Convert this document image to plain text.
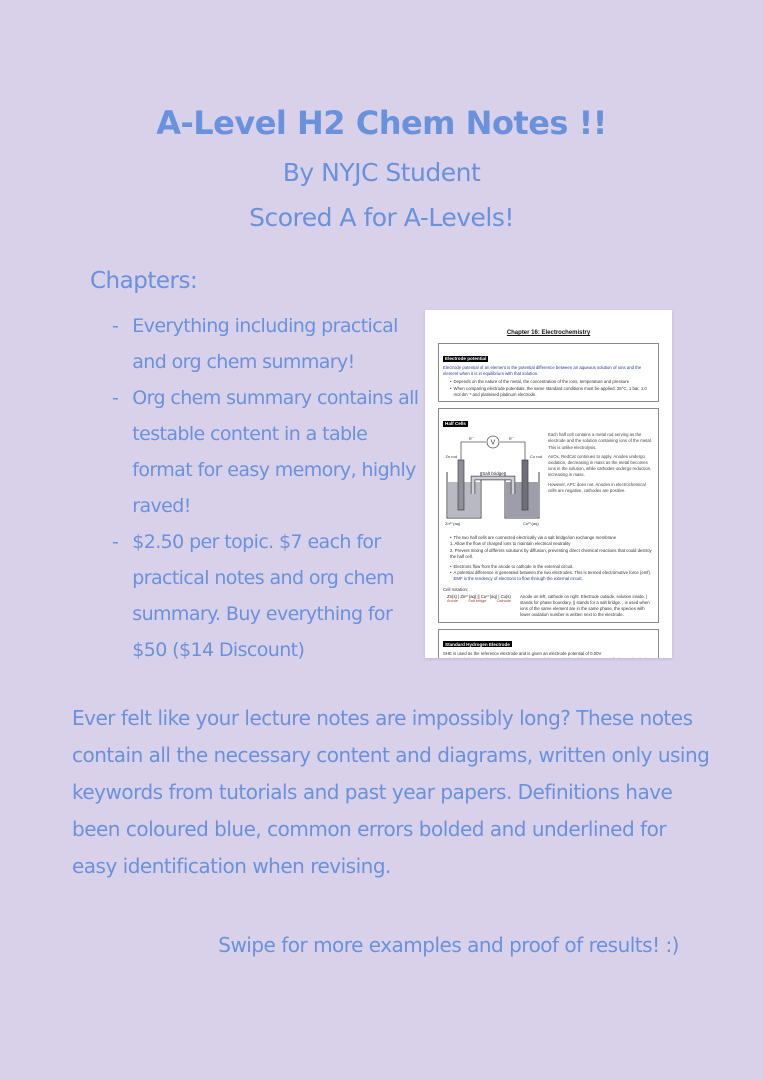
A-Level H2 Chem Notes !!
By NYJC Student
Scored A for A-Levels!
Chapters:
- Everything including practical and org chem summary!
- Org chem summary contains all testable content in a table format for easy memory, highly raved!
- $2.50 per topic. $7 each for practical notes and org chem summary. Buy everything for $50 ($14 Discount)
Chapter 16: Electrochemistry
Electrode potential

Electrode potential of an element is the potential difference between an aqueous solution of ions and the element when it is in equilibrium with that solution.

• Depends on the nature of the metal, the concentration of the ions, temperature and pressure
• When comparing electrode potentials, the same standard conditions must be applied: 25°C, 1 bar, 1.0 mol dm⁻³ and platinised platinum electrode.
Half Cells
V
e⁻	e⁻
Salt bridge
Zn rod	Cu rod
Zn²⁺(aq)	Cu²⁺(aq)

Each half cell contains a metal rod serving as the electrode and the solution containing ions of the metal. This is unlike electrolysis.

AnOx, RedCat continues to apply. Anodes undergo oxidation, decreasing in mass as the metal becomes ions in the solution, while cathodes undergo reduction, increasing in mass.

However, APC does not. Anodes in electrochemical cells are negative, cathodes are positive.

• The two half cells are connected electrically via a salt bridge/ion exchange membrane
1. Allow the flow of charged ions to maintain electrical neutrality
2. Prevent mixing of different solutions by diffusion, preventing direct chemical reactions that could destroy the half cell.
• Electrons flow from the anode to cathode in the external circuit.
• A potential difference is generated between the two electrodes. This is termed electromotive force (emf). EMF is the tendency of electrons to flow through the external circuit.
Cell notation:
Zn(s) | Zn²⁺(aq) || Cu²⁺(aq) | Cu(s)
Anode	Salt bridge	Cathode
Anode on left, cathode on right. Electrode outside, solution inside. | stands for phase boundary, || stands for a salt bridge. , is used when ions of the same element are in the same phase, the species with lower oxidation number is written next to the electrode.
Standard Hydrogen Electrode

SHE is used as the reference electrode and is given an electrode potential of 0.00V

Ever felt like your lecture notes are impossibly long? These notes contain all the necessary content and diagrams, written only using keywords from tutorials and past year papers. Definitions have been coloured blue, common errors bolded and underlined for easy identification when revising.
Swipe for more examples and proof of results! :)
